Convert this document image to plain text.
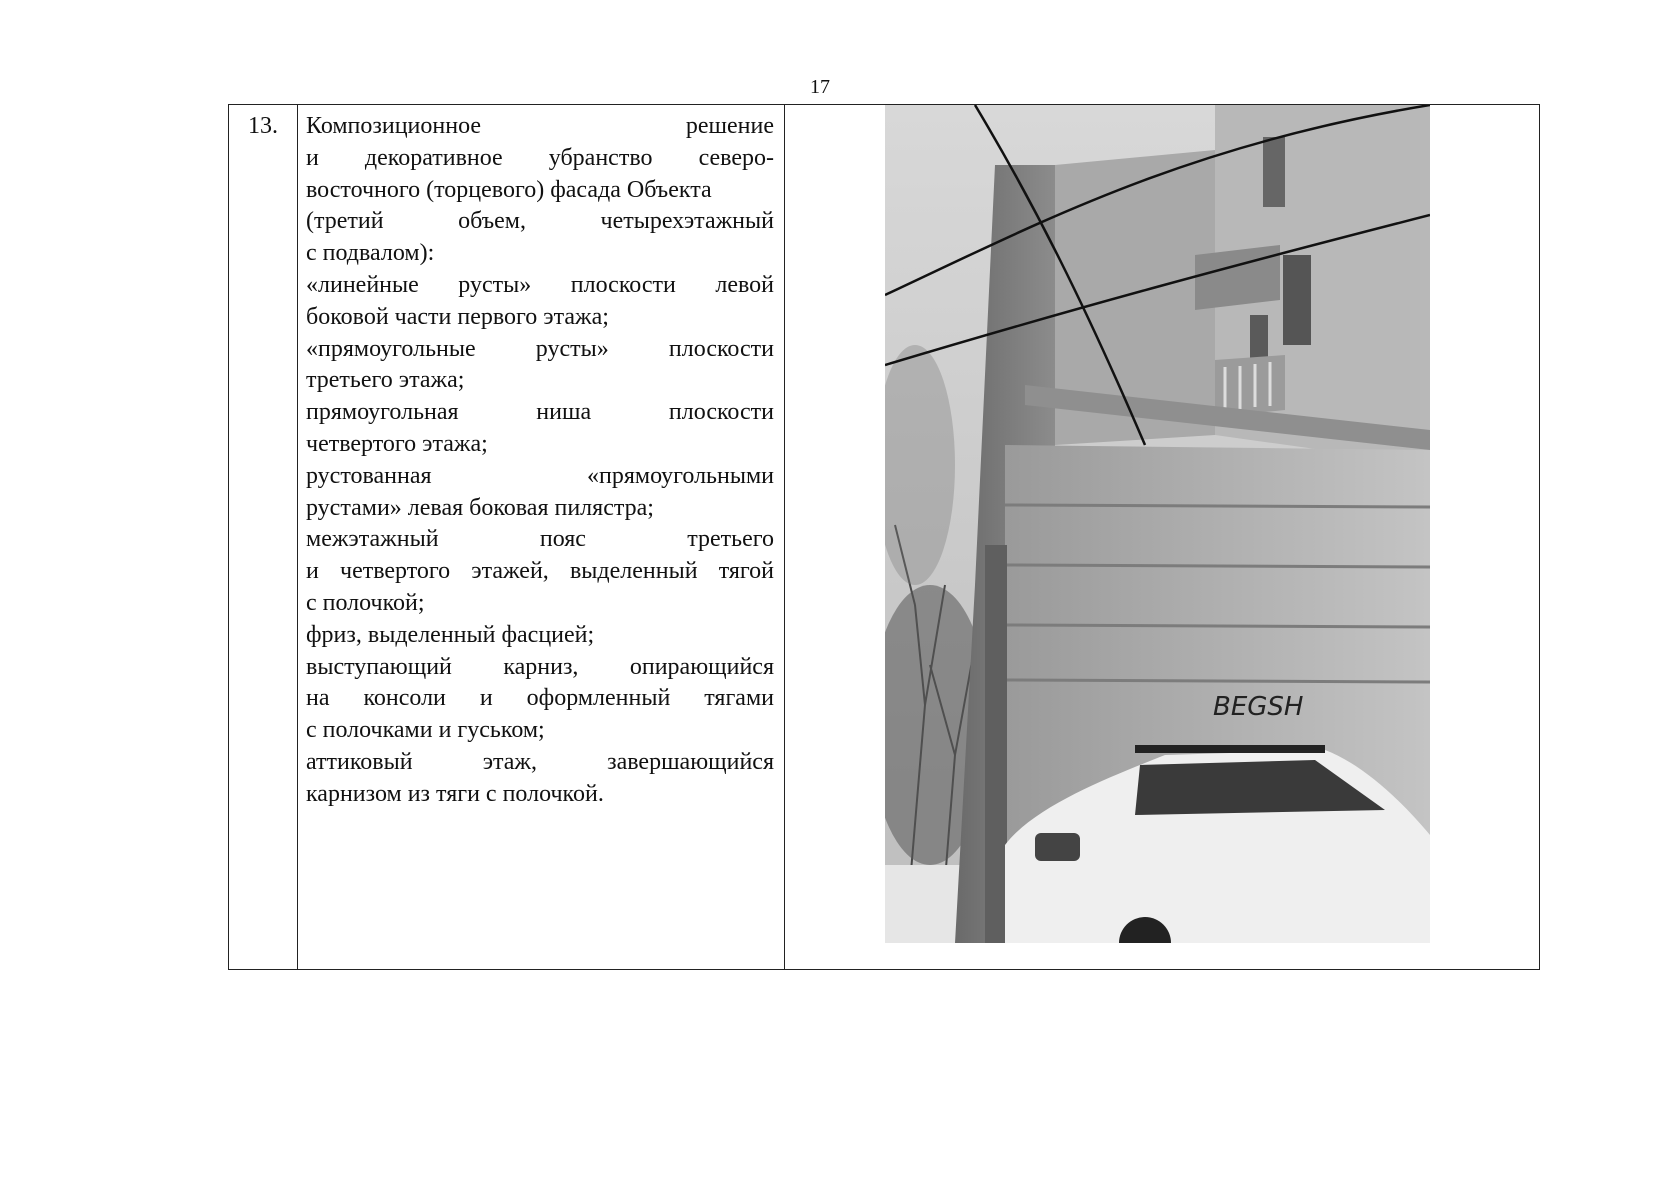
17
13.	Композиционное решение
и декоративное убранство северо-
восточного (торцевого) фасада Объекта
(третий объем, четырехэтажный
с подвалом):
«линейные русты» плоскости левой
боковой части первого этажа;
«прямоугольные русты» плоскости
третьего этажа;
прямоугольная ниша плоскости
четвертого этажа;
рустованная «прямоугольными
рустами» левая боковая пилястра;
межэтажный пояс третьего
и четвертого этажей, выделенный тягой
с полочкой;
фриз, выделенный фасцией;
выступающий карниз, опирающийся
на консоли и оформленный тягами
с полочками и гуськом;
аттиковый этаж, завершающийся
карнизом из тяги с полочкой.

BEGSH
